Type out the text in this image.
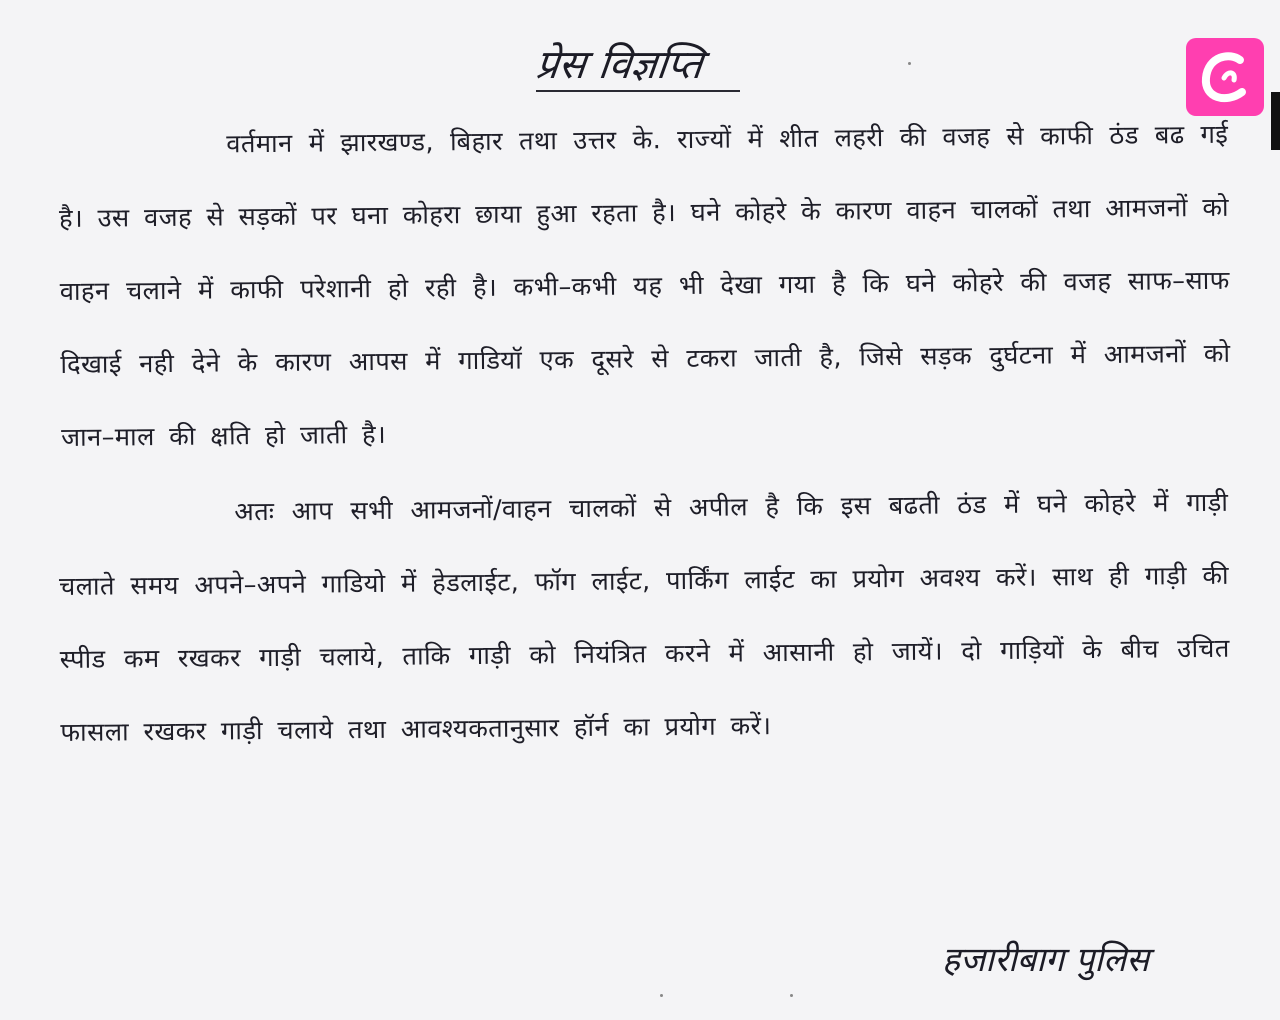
प्रेस विज्ञप्ति
वर्तमान में झारखण्ड, बिहार तथा उत्तर के. राज्यों में शीत लहरी की वजह से काफी ठंड बढ गई है। उस वजह से सड़कों पर घना कोहरा छाया हुआ रहता है। घने कोहरे के कारण वाहन चालकों तथा आमजनों को वाहन चलाने में काफी परेशानी हो रही है। कभी–कभी यह भी देखा गया है कि घने कोहरे की वजह साफ–साफ दिखाई नही देने के कारण आपस में गाडियॉ एक दूसरे से टकरा जाती है, जिसे सड़क दुर्घटना में आमजनों को जान–माल की क्षति हो जाती है।
अतः आप सभी आमजनों/वाहन चालकों से अपील है कि इस बढती ठंड में घने कोहरे में गाड़ी चलाते समय अपने–अपने गाडियो में हेडलाईट, फॉग लाईट, पार्किंग लाईट का प्रयोग अवश्य करें। साथ ही गाड़ी की स्पीड कम रखकर गाड़ी चलाये, ताकि गाड़ी को नियंत्रित करने में आसानी हो जायें। दो गाड़ियों के बीच उचित फासला रखकर गाड़ी चलाये तथा आवश्यकतानुसार हॉर्न का प्रयोग करें।
हजारीबाग पुलिस
